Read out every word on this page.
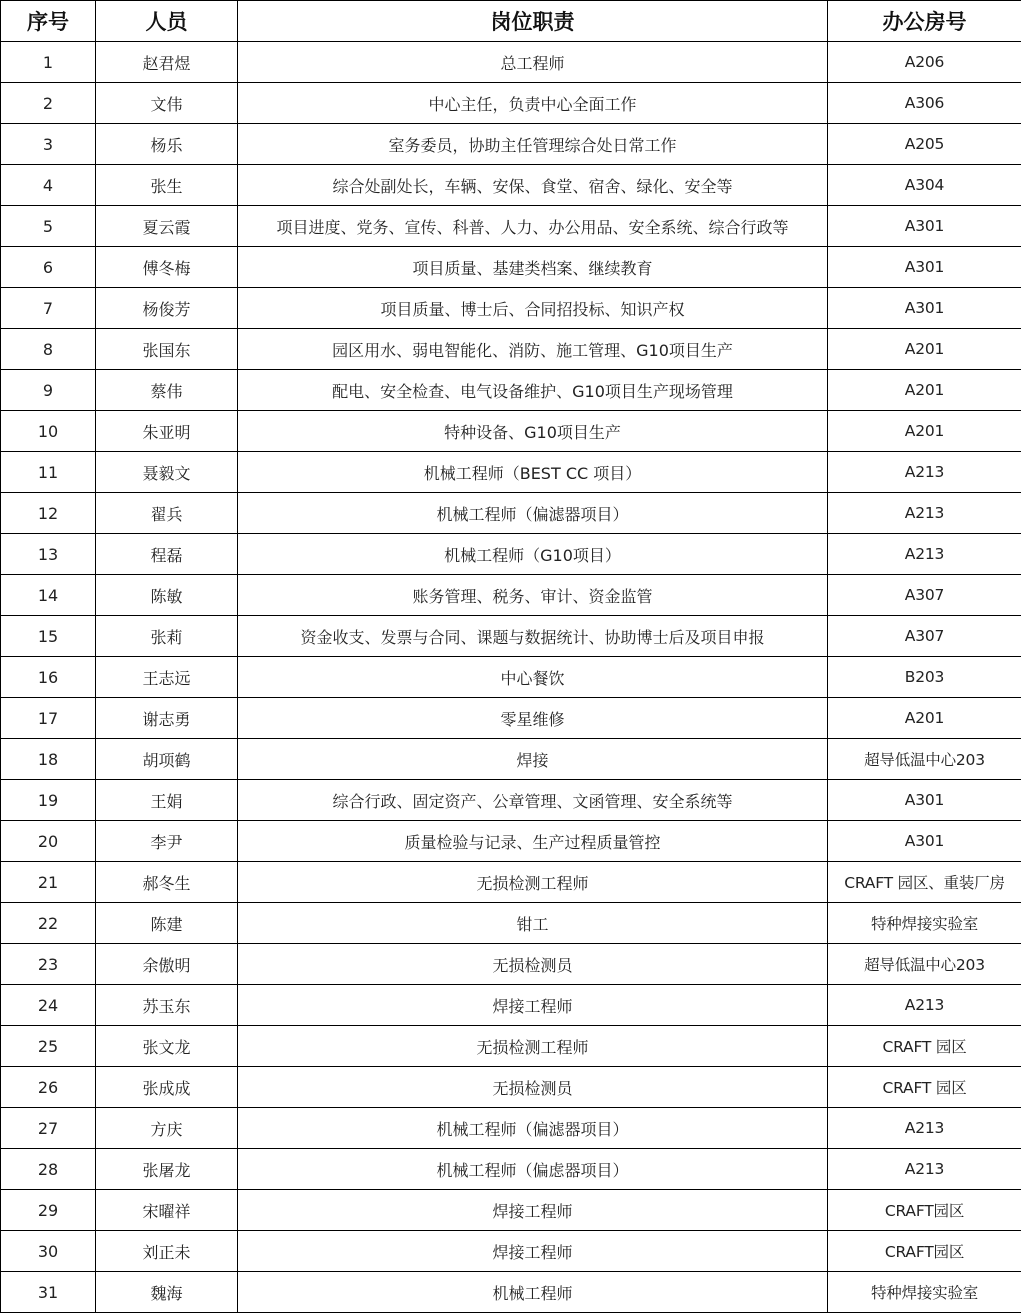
序号	人员	岗位职责	办公房号
1	赵君煜	总工程师	A206
2	文伟	中心主任，负责中心全面工作	A306
3	杨乐	室务委员，协助主任管理综合处日常工作	A205
4	张生	综合处副处长，车辆、安保、食堂、宿舍、绿化、安全等	A304
5	夏云霞	项目进度、党务、宣传、科普、人力、办公用品、安全系统、综合行政等	A301
6	傅冬梅	项目质量、基建类档案、继续教育	A301
7	杨俊芳	项目质量、博士后、合同招投标、知识产权	A301
8	张国东	园区用水、弱电智能化、消防、施工管理、G10项目生产	A201
9	蔡伟	配电、安全检查、电气设备维护、G10项目生产现场管理	A201
10	朱亚明	特种设备、G10项目生产	A201
11	聂毅文	机械工程师（BEST CC 项目）	A213
12	翟兵	机械工程师（偏滤器项目）	A213
13	程磊	机械工程师（G10项目）	A213
14	陈敏	账务管理、税务、审计、资金监管	A307
15	张莉	资金收支、发票与合同、课题与数据统计、协助博士后及项目申报	A307
16	王志远	中心餐饮	B203
17	谢志勇	零星维修	A201
18	胡项鹤	焊接	超导低温中心203
19	王娟	综合行政、固定资产、公章管理、文函管理、安全系统等	A301
20	李尹	质量检验与记录、生产过程质量管控	A301
21	郝冬生	无损检测工程师	CRAFT 园区、重装厂房
22	陈建	钳工	特种焊接实验室
23	余傲明	无损检测员	超导低温中心203
24	苏玉东	焊接工程师	A213
25	张文龙	无损检测工程师	CRAFT 园区
26	张成成	无损检测员	CRAFT 园区
27	方庆	机械工程师（偏滤器项目）	A213
28	张屠龙	机械工程师（偏虑器项目）	A213
29	宋曜祥	焊接工程师	CRAFT园区
30	刘正未	焊接工程师	CRAFT园区
31	魏海	机械工程师	特种焊接实验室
